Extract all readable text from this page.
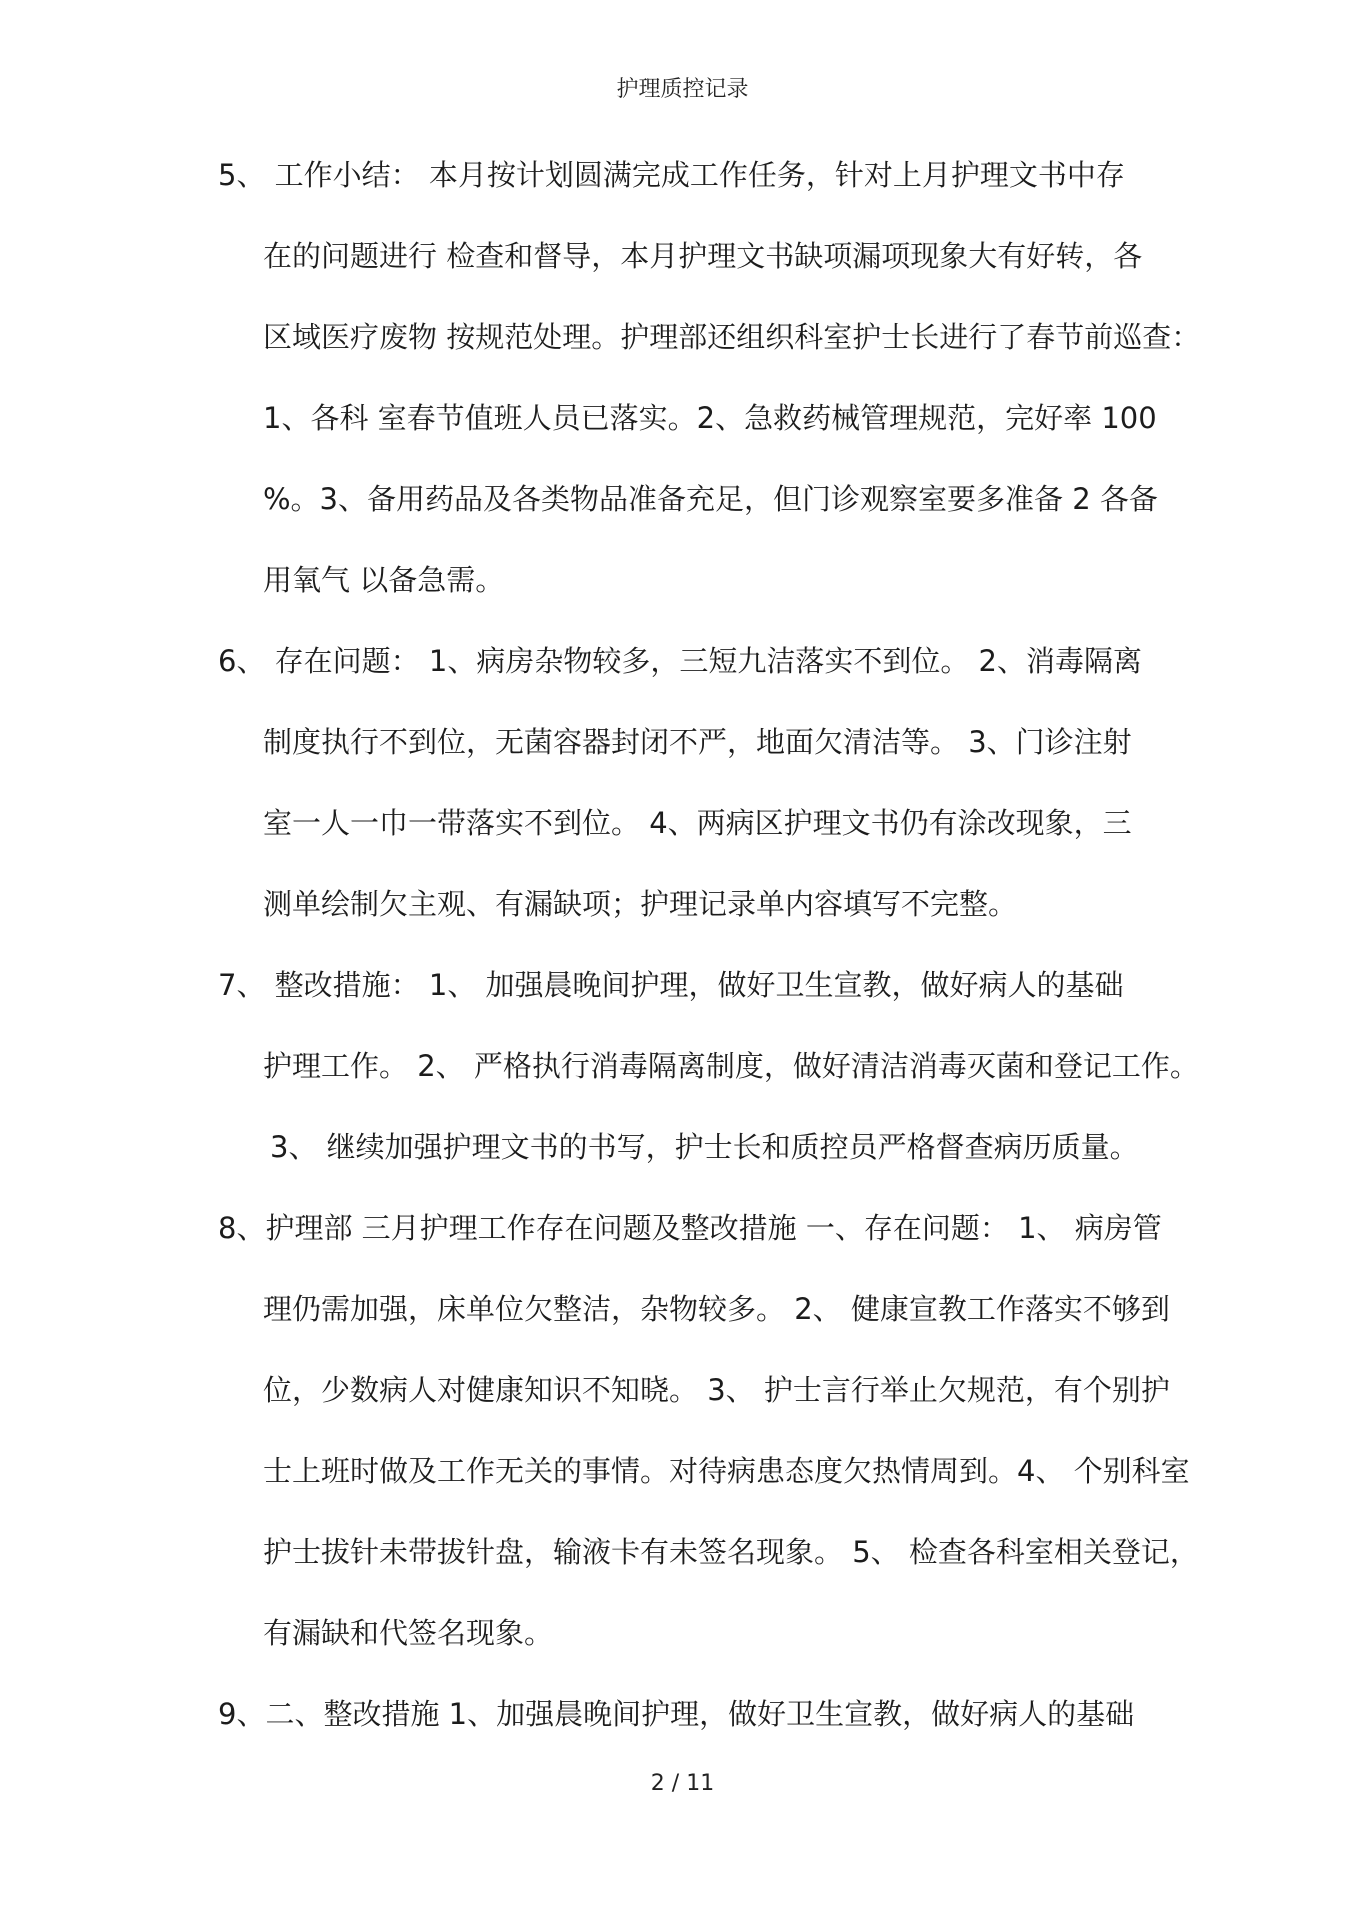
护理质控记录
5、 工作小结： 本月按计划圆满完成工作任务，针对上月护理文书中存
在的问题进行 检查和督导，本月护理文书缺项漏项现象大有好转，各
区域医疗废物 按规范处理。护理部还组织科室护士长进行了春节前巡查：
1、各科 室春节值班人员已落实。2、急救药械管理规范，完好率 100
%。3、备用药品及各类物品准备充足，但门诊观察室要多准备 2 各备
用氧气 以备急需。
6、 存在问题： 1、病房杂物较多，三短九洁落实不到位。 2、消毒隔离
制度执行不到位，无菌容器封闭不严，地面欠清洁等。 3、门诊注射
室一人一巾一带落实不到位。 4、两病区护理文书仍有涂改现象，三
测单绘制欠主观、有漏缺项；护理记录单内容填写不完整。
7、 整改措施： 1、 加强晨晚间护理，做好卫生宣教，做好病人的基础
护理工作。 2、 严格执行消毒隔离制度，做好清洁消毒灭菌和登记工作。
3、 继续加强护理文书的书写，护士长和质控员严格督查病历质量。
8、护理部 三月护理工作存在问题及整改措施 一、存在问题： 1、 病房管
理仍需加强，床单位欠整洁，杂物较多。 2、 健康宣教工作落实不够到
位，少数病人对健康知识不知晓。 3、 护士言行举止欠规范，有个别护
士上班时做及工作无关的事情。对待病患态度欠热情周到。4、 个别科室
护士拔针未带拔针盘，输液卡有未签名现象。 5、 检查各科室相关登记，
有漏缺和代签名现象。
9、二、整改措施 1、加强晨晚间护理，做好卫生宣教，做好病人的基础
2 / 11
